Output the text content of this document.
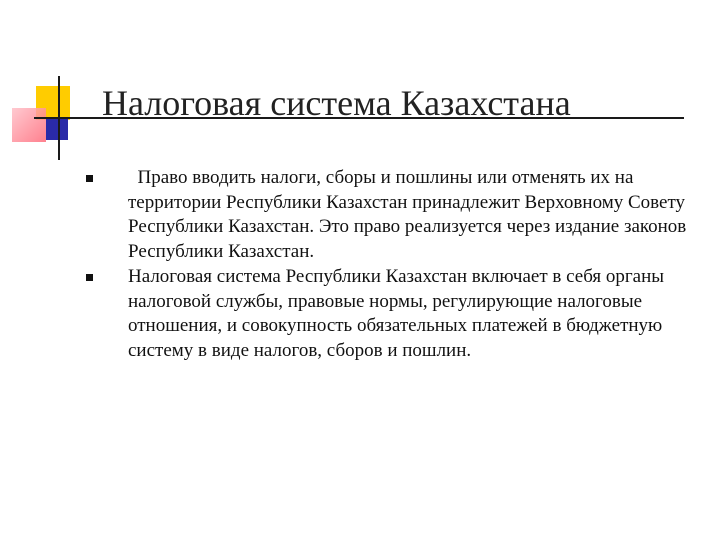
Налоговая система Казахстана
Право вводить налоги, сборы и пошлины или отменять их на территории Республики Казахстан принадлежит Верховному Совету Республики Казахстан. Это право реализуется через издание законов Республики Казахстан.
Налоговая система Республики Казахстан включает в себя органы налоговой службы, правовые нормы, регулирующие налоговые отношения, и совокупность обязательных платежей в бюджетную систему в виде налогов, сборов и пошлин.
